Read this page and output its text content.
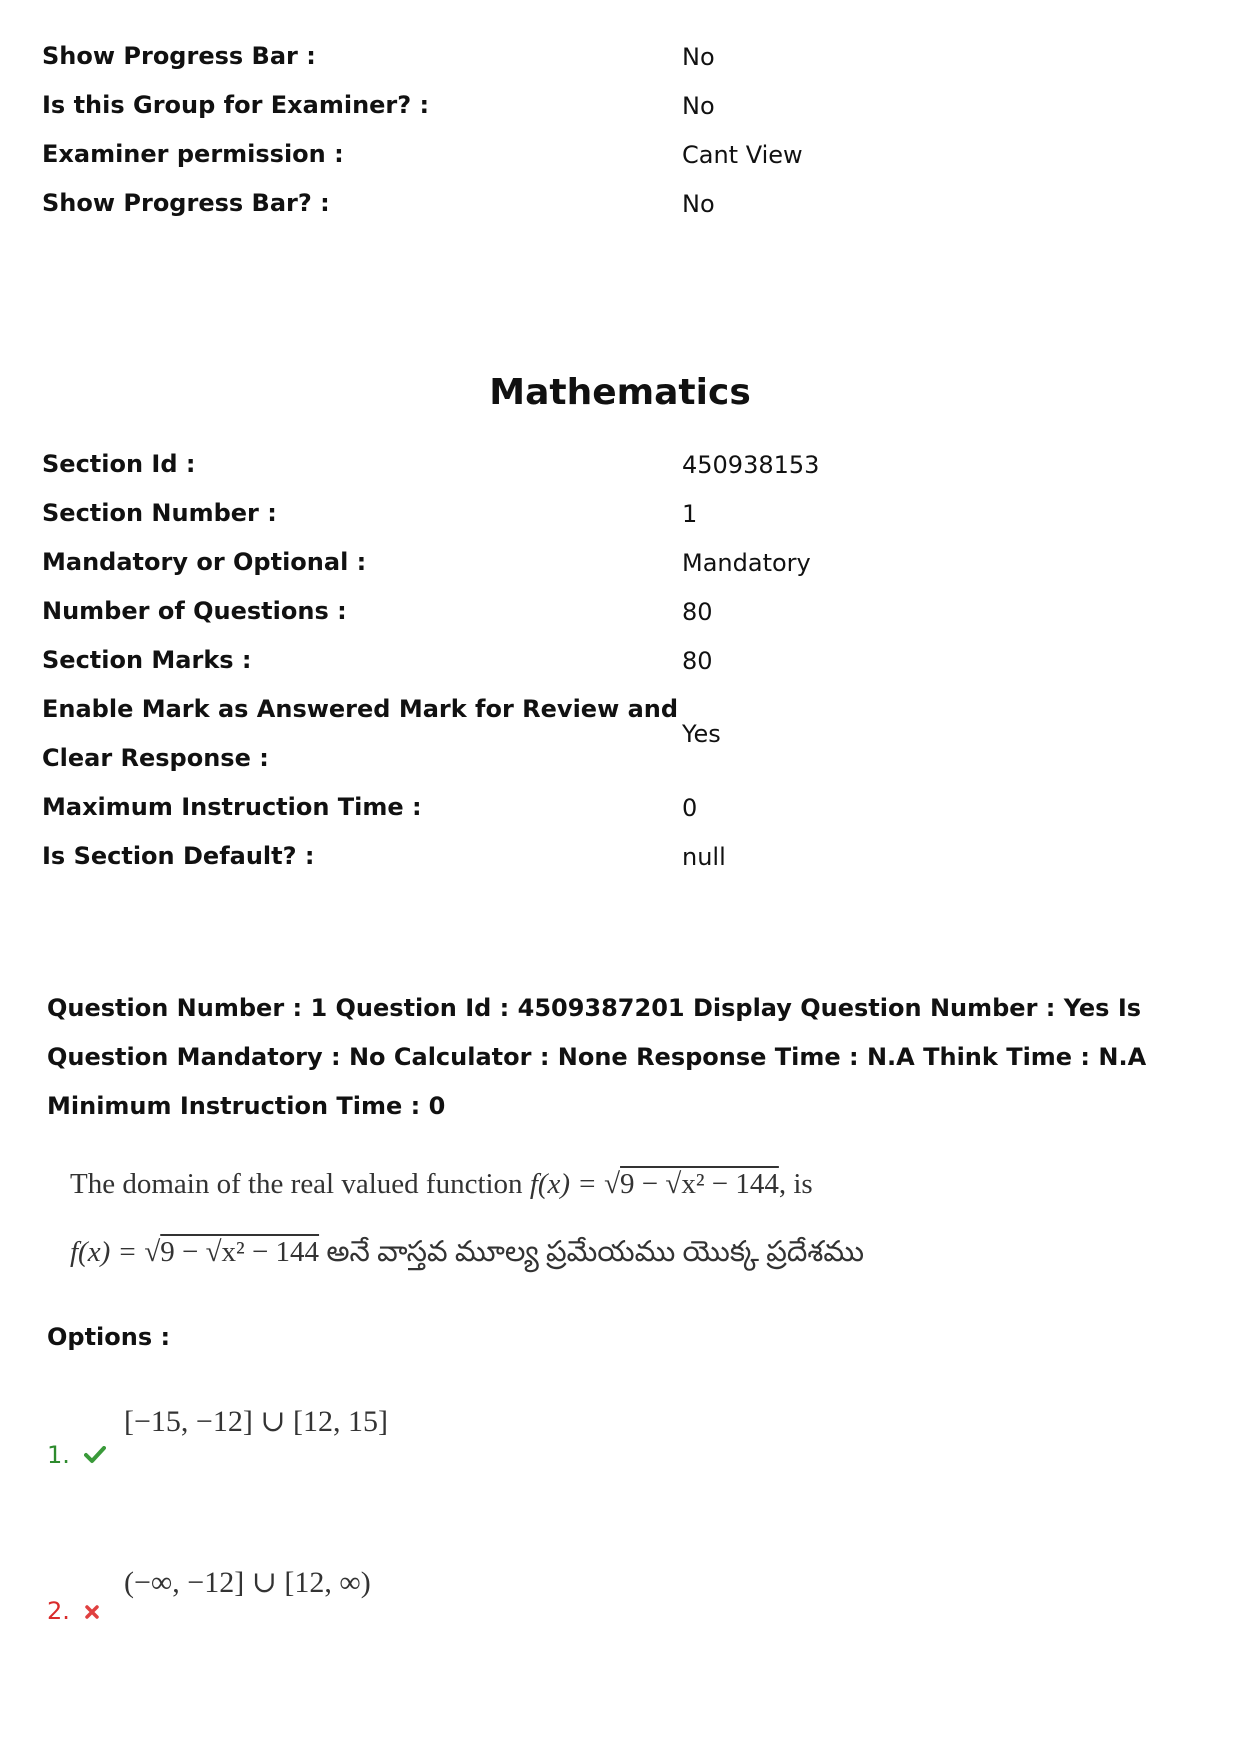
Show Progress Bar :	No
Is this Group for Examiner? :	No
Examiner permission :	Cant View
Show Progress Bar? :	No
Mathematics
Section Id :	450938153
Section Number :	1
Mandatory or Optional :	Mandatory
Number of Questions :	80
Section Marks :	80
Enable Mark as Answered Mark for Review and Clear Response :	Yes
Maximum Instruction Time :	0
Is Section Default? :	null

Question Number : 1 Question Id : 4509387201 Display Question Number : Yes Is Question Mandatory : No Calculator : None Response Time : N.A Think Time : N.A Minimum Instruction Time : 0

The domain of the real valued function f(x) = √9 − √x² − 144, is
f(x) = √9 − √x² − 144 అనే వాస్తవ మూల్య ప్రమేయము యొక్క ప్రదేశము

Options :

[−15, −12] ∪ [12, 15]
1.
(−∞, −12] ∪ [12, ∞)
2.
